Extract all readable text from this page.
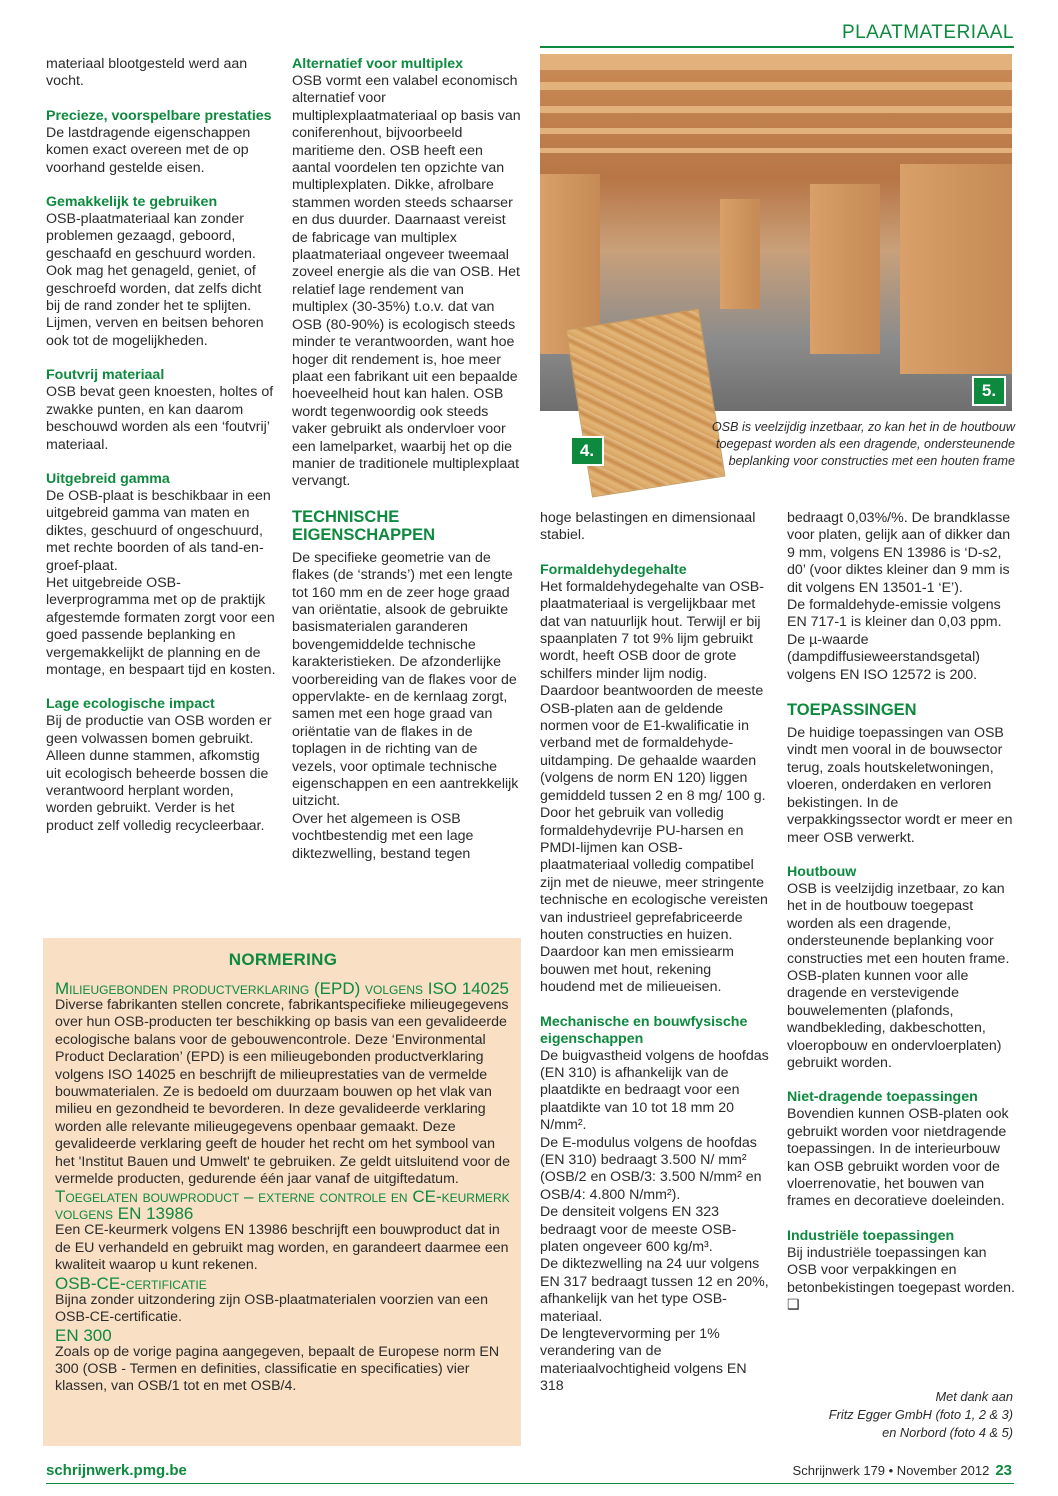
PLAATMATERIAAL

materiaal blootgesteld werd aan vocht.

Precieze, voorspelbare prestaties

De lastdragende eigenschappen komen exact overeen met de op voorhand gestelde eisen.

Gemakkelijk te gebruiken

OSB-plaatmateriaal kan zonder problemen gezaagd, geboord, geschaafd en geschuurd worden. Ook mag het genageld, geniet, of geschroefd worden, dat zelfs dicht bij de rand zonder het te splijten. Lijmen, verven en beitsen behoren ook tot de mogelijkheden.

Foutvrij materiaal

OSB bevat geen knoesten, holtes of zwakke punten, en kan daarom beschouwd worden als een ‘foutvrij’ materiaal.

Uitgebreid gamma

De OSB-plaat is beschikbaar in een uitgebreid gamma van maten en diktes, geschuurd of ongeschuurd, met rechte boorden of als tand-en-groef-plaat.

Het uitgebreide OSB-leverprogramma met op de praktijk afgestemde formaten zorgt voor een goed passende beplanking en vergemakkelijkt de planning en de montage, en bespaart tijd en kosten.

Lage ecologische impact

Bij de productie van OSB worden er geen volwassen bomen gebruikt.

Alleen dunne stammen, afkomstig uit ecologisch beheerde bossen die verantwoord herplant worden, worden gebruikt. Verder is het product zelf volledig recycleerbaar.

Alternatief voor multiplex

OSB vormt een valabel economisch alternatief voor multiplexplaatmateriaal op basis van coniferenhout, bijvoorbeeld maritieme den. OSB heeft een aantal voordelen ten opzichte van multiplexplaten. Dikke, afrolbare stammen worden steeds schaarser en dus duurder. Daarnaast vereist de fabricage van multiplex plaatmateriaal ongeveer tweemaal zoveel energie als die van OSB. Het relatief lage rendement van multiplex (30-35%) t.o.v. dat van OSB (80-90%) is ecologisch steeds minder te verantwoorden, want hoe hoger dit rendement is, hoe meer plaat een fabrikant uit een bepaalde hoeveelheid hout kan halen. OSB wordt tegenwoordig ook steeds vaker gebruikt als ondervloer voor een lamelparket, waarbij het op die manier de traditionele multiplexplaat vervangt.

TECHNISCHE EIGENSCHAPPEN

De specifieke geometrie van de flakes (de ‘strands’) met een lengte tot 160 mm en de zeer hoge graad van oriëntatie, alsook de gebruikte basismaterialen garanderen bovengemiddelde technische karakteristieken. De afzonderlijke voorbereiding van de flakes voor de oppervlakte- en de kernlaag zorgt, samen met een hoge graad van oriëntatie van de flakes in de toplagen in de richting van de vezels, voor optimale technische eigenschappen en een aantrekkelijk uitzicht.

Over het algemeen is OSB vochtbestendig met een lage diktezwelling, bestand tegen

5.
4.
OSB is veelzijdig inzetbaar, zo kan het in de houtbouw toegepast worden als een dragende, ondersteunende beplanking voor constructies met een houten frame

hoge belastingen en dimensionaal stabiel.

Formaldehydegehalte

Het formaldehydegehalte van OSB-plaatmateriaal is vergelijkbaar met dat van natuurlijk hout. Terwijl er bij spaanplaten 7 tot 9% lijm gebruikt wordt, heeft OSB door de grote schilfers minder lijm nodig. Daardoor beantwoorden de meeste OSB-platen aan de geldende normen voor de E1-kwalificatie in verband met de formaldehyde-uitdamping. De gehaalde waarden (volgens de norm EN 120) liggen gemiddeld tussen 2 en 8 mg/ 100 g. Door het gebruik van volledig formaldehydevrije PU-harsen en PMDI-lijmen kan OSB-plaatmateriaal volledig compatibel zijn met de nieuwe, meer stringente technische en ecologische vereisten van industrieel geprefabriceerde houten constructies en huizen. Daardoor kan men emissiearm bouwen met hout, rekening houdend met de milieueisen.

Mechanische en bouwfysische eigenschappen

De buigvastheid volgens de hoofdas (EN 310) is afhankelijk van de plaatdikte en bedraagt voor een plaatdikte van 10 tot 18 mm 20 N/mm².

De E-modulus volgens de hoofdas (EN 310) bedraagt 3.500 N/ mm² (OSB/2 en OSB/3: 3.500 N/mm² en OSB/4: 4.800 N/mm²).

De densiteit volgens EN 323 bedraagt voor de meeste OSB-platen ongeveer 600 kg/m³.

De diktezwelling na 24 uur volgens EN 317 bedraagt tussen 12 en 20%, afhankelijk van het type OSB-materiaal.

De lengtevervorming per 1% verandering van de materiaalvochtigheid volgens EN 318

bedraagt 0,03%/%. De brandklasse voor platen, gelijk aan of dikker dan 9 mm, volgens EN 13986 is ‘D-s2, d0’ (voor diktes kleiner dan 9 mm is dit volgens EN 13501-1 ‘E’).

De formaldehyde-emissie volgens EN 717-1 is kleiner dan 0,03 ppm. De µ-waarde (dampdiffusieweerstandsgetal) volgens EN ISO 12572 is 200.

TOEPASSINGEN

De huidige toepassingen van OSB vindt men vooral in de bouwsector terug, zoals houtskeletwoningen, vloeren, onderdaken en verloren bekistingen. In de verpakkingssector wordt er meer en meer OSB verwerkt.

Houtbouw

OSB is veelzijdig inzetbaar, zo kan het in de houtbouw toegepast worden als een dragende, ondersteunende beplanking voor constructies met een houten frame.

OSB-platen kunnen voor alle dragende en verstevigende bouwelementen (plafonds, wandbekleding, dakbeschotten, vloeropbouw en ondervloerplaten) gebruikt worden.

Niet-dragende toepassingen

Bovendien kunnen OSB-platen ook gebruikt worden voor nietdragende toepassingen. In de interieurbouw kan OSB gebruikt worden voor de vloerrenovatie, het bouwen van frames en decoratieve doeleinden.

Industriële toepassingen

Bij industriële toepassingen kan OSB voor verpakkingen en betonbekistingen toegepast worden. ❑

NORMERING
Milieugebonden productverklaring (EPD) volgens ISO 14025

Diverse fabrikanten stellen concrete, fabrikantspecifieke milieugegevens over hun OSB-producten ter beschikking op basis van een gevalideerde ecologische balans voor de gebouwencontrole. Deze ‘Environmental Product Declaration’ (EPD) is een milieugebonden productverklaring volgens ISO 14025 en beschrijft de milieuprestaties van de vermelde bouwmaterialen. Ze is bedoeld om duurzaam bouwen op het vlak van milieu en gezondheid te bevorderen. In deze gevalideerde verklaring worden alle relevante milieugegevens openbaar gemaakt. Deze gevalideerde verklaring geeft de houder het recht om het symbool van het 'Institut Bauen und Umwelt' te gebruiken. Ze geldt uitsluitend voor de vermelde producten, gedurende één jaar vanaf de uitgiftedatum.

Toegelaten bouwproduct – externe controle en CE-keurmerk volgens EN 13986

Een CE-keurmerk volgens EN 13986 beschrijft een bouwproduct dat in de EU verhandeld en gebruikt mag worden, en garandeert daarmee een kwaliteit waarop u kunt rekenen.

OSB-CE-certificatie

Bijna zonder uitzondering zijn OSB-plaatmaterialen voorzien van een OSB-CE-certificatie.

EN 300

Zoals op de vorige pagina aangegeven, bepaalt de Europese norm EN 300 (OSB - Termen en definities, classificatie en specificaties) vier klassen, van OSB/1 tot en met OSB/4.

Met dank aan
Fritz Egger GmbH (foto 1, 2 & 3)
en Norbord (foto 4 & 5)
schrijnwerk.pmg.be	Schrijnwerk 179 • November 2012 23
